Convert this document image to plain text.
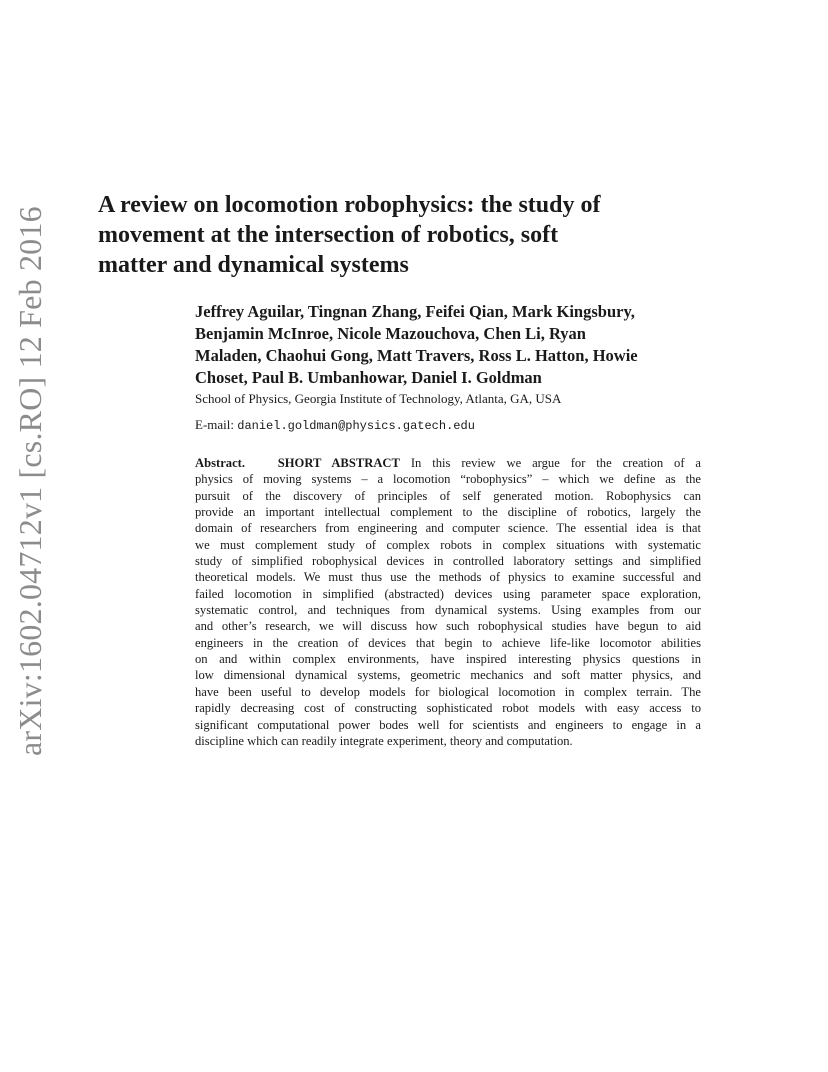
arXiv:1602.04712v1 [cs.RO] 12 Feb 2016
A review on locomotion robophysics: the study of
movement at the intersection of robotics, soft
matter and dynamical systems
Jeffrey Aguilar, Tingnan Zhang, Feifei Qian, Mark Kingsbury,
Benjamin McInroe, Nicole Mazouchova, Chen Li, Ryan
Maladen, Chaohui Gong, Matt Travers, Ross L. Hatton, Howie
Choset, Paul B. Umbanhowar, Daniel I. Goldman
School of Physics, Georgia Institute of Technology, Atlanta, GA, USA
E-mail: daniel.goldman@physics.gatech.edu
Abstract.	SHORT ABSTRACT In this review we argue for the creation of a
physics of moving systems – a locomotion “robophysics” – which we define as the
pursuit of the discovery of principles of self generated motion. Robophysics can
provide an important intellectual complement to the discipline of robotics, largely the
domain of researchers from engineering and computer science. The essential idea is that
we must complement study of complex robots in complex situations with systematic
study of simplified robophysical devices in controlled laboratory settings and simplified
theoretical models. We must thus use the methods of physics to examine successful and
failed locomotion in simplified (abstracted) devices using parameter space exploration,
systematic control, and techniques from dynamical systems. Using examples from our
and other’s research, we will discuss how such robophysical studies have begun to aid
engineers in the creation of devices that begin to achieve life-like locomotor abilities
on and within complex environments, have inspired interesting physics questions in
low dimensional dynamical systems, geometric mechanics and soft matter physics, and
have been useful to develop models for biological locomotion in complex terrain. The
rapidly decreasing cost of constructing sophisticated robot models with easy access to
significant computational power bodes well for scientists and engineers to engage in a
discipline which can readily integrate experiment, theory and computation.
